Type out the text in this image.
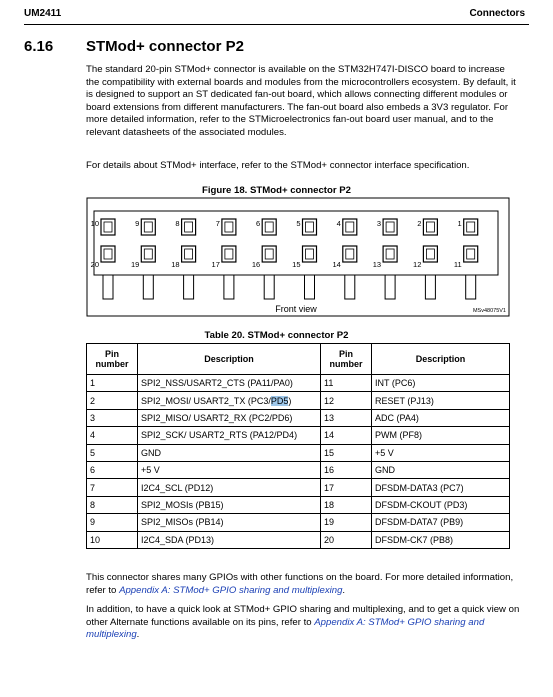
UM2411	Connectors
6.16 STMod+ connector P2
The standard 20-pin STMod+ connector is available on the STM32H747I-DISCO board to increase the compatibility with external boards and modules from the microcontrollers ecosystem. By default, it is designed to support an ST dedicated fan-out board, which allows connecting different modules or board extensions from different manufacturers. The fan-out board also embeds a 3V3 regulator. For more detailed information, refer to the STMicroelectronics fan-out board user manual, and to the relevant datasheets of the associated modules.
For details about STMod+ interface, refer to the STMod+ connector interface specification.
Figure 18. STMod+ connector P2
10
20
9
19
8
18
7
17
6
16
5
15
4
14
3
13
2
12
1
11
Front view	MSv48075V1
Table 20. STMod+ connector P2
Pin number	Description	Pin number	Description
1	SPI2_NSS/USART2_CTS (PA11/PA0)	11	INT (PC6)
2	SPI2_MOSI/ USART2_TX (PC3/PD5)	12	RESET (PJ13)
3	SPI2_MISO/ USART2_RX (PC2/PD6)	13	ADC (PA4)
4	SPI2_SCK/ USART2_RTS (PA12/PD4)	14	PWM (PF8)
5	GND	15	+5 V
6	+5 V	16	GND
7	I2C4_SCL (PD12)	17	DFSDM-DATA3 (PC7)
8	SPI2_MOSIs (PB15)	18	DFSDM-CKOUT (PD3)
9	SPI2_MISOs (PB14)	19	DFSDM-DATA7 (PB9)
10	I2C4_SDA (PD13)	20	DFSDM-CK7 (PB8)
This connector shares many GPIOs with other functions on the board. For more detailed information, refer to Appendix A: STMod+ GPIO sharing and multiplexing.
In addition, to have a quick look at STMod+ GPIO sharing and multiplexing, and to get a quick view on other Alternate functions available on its pins, refer to Appendix A: STMod+ GPIO sharing and multiplexing.
